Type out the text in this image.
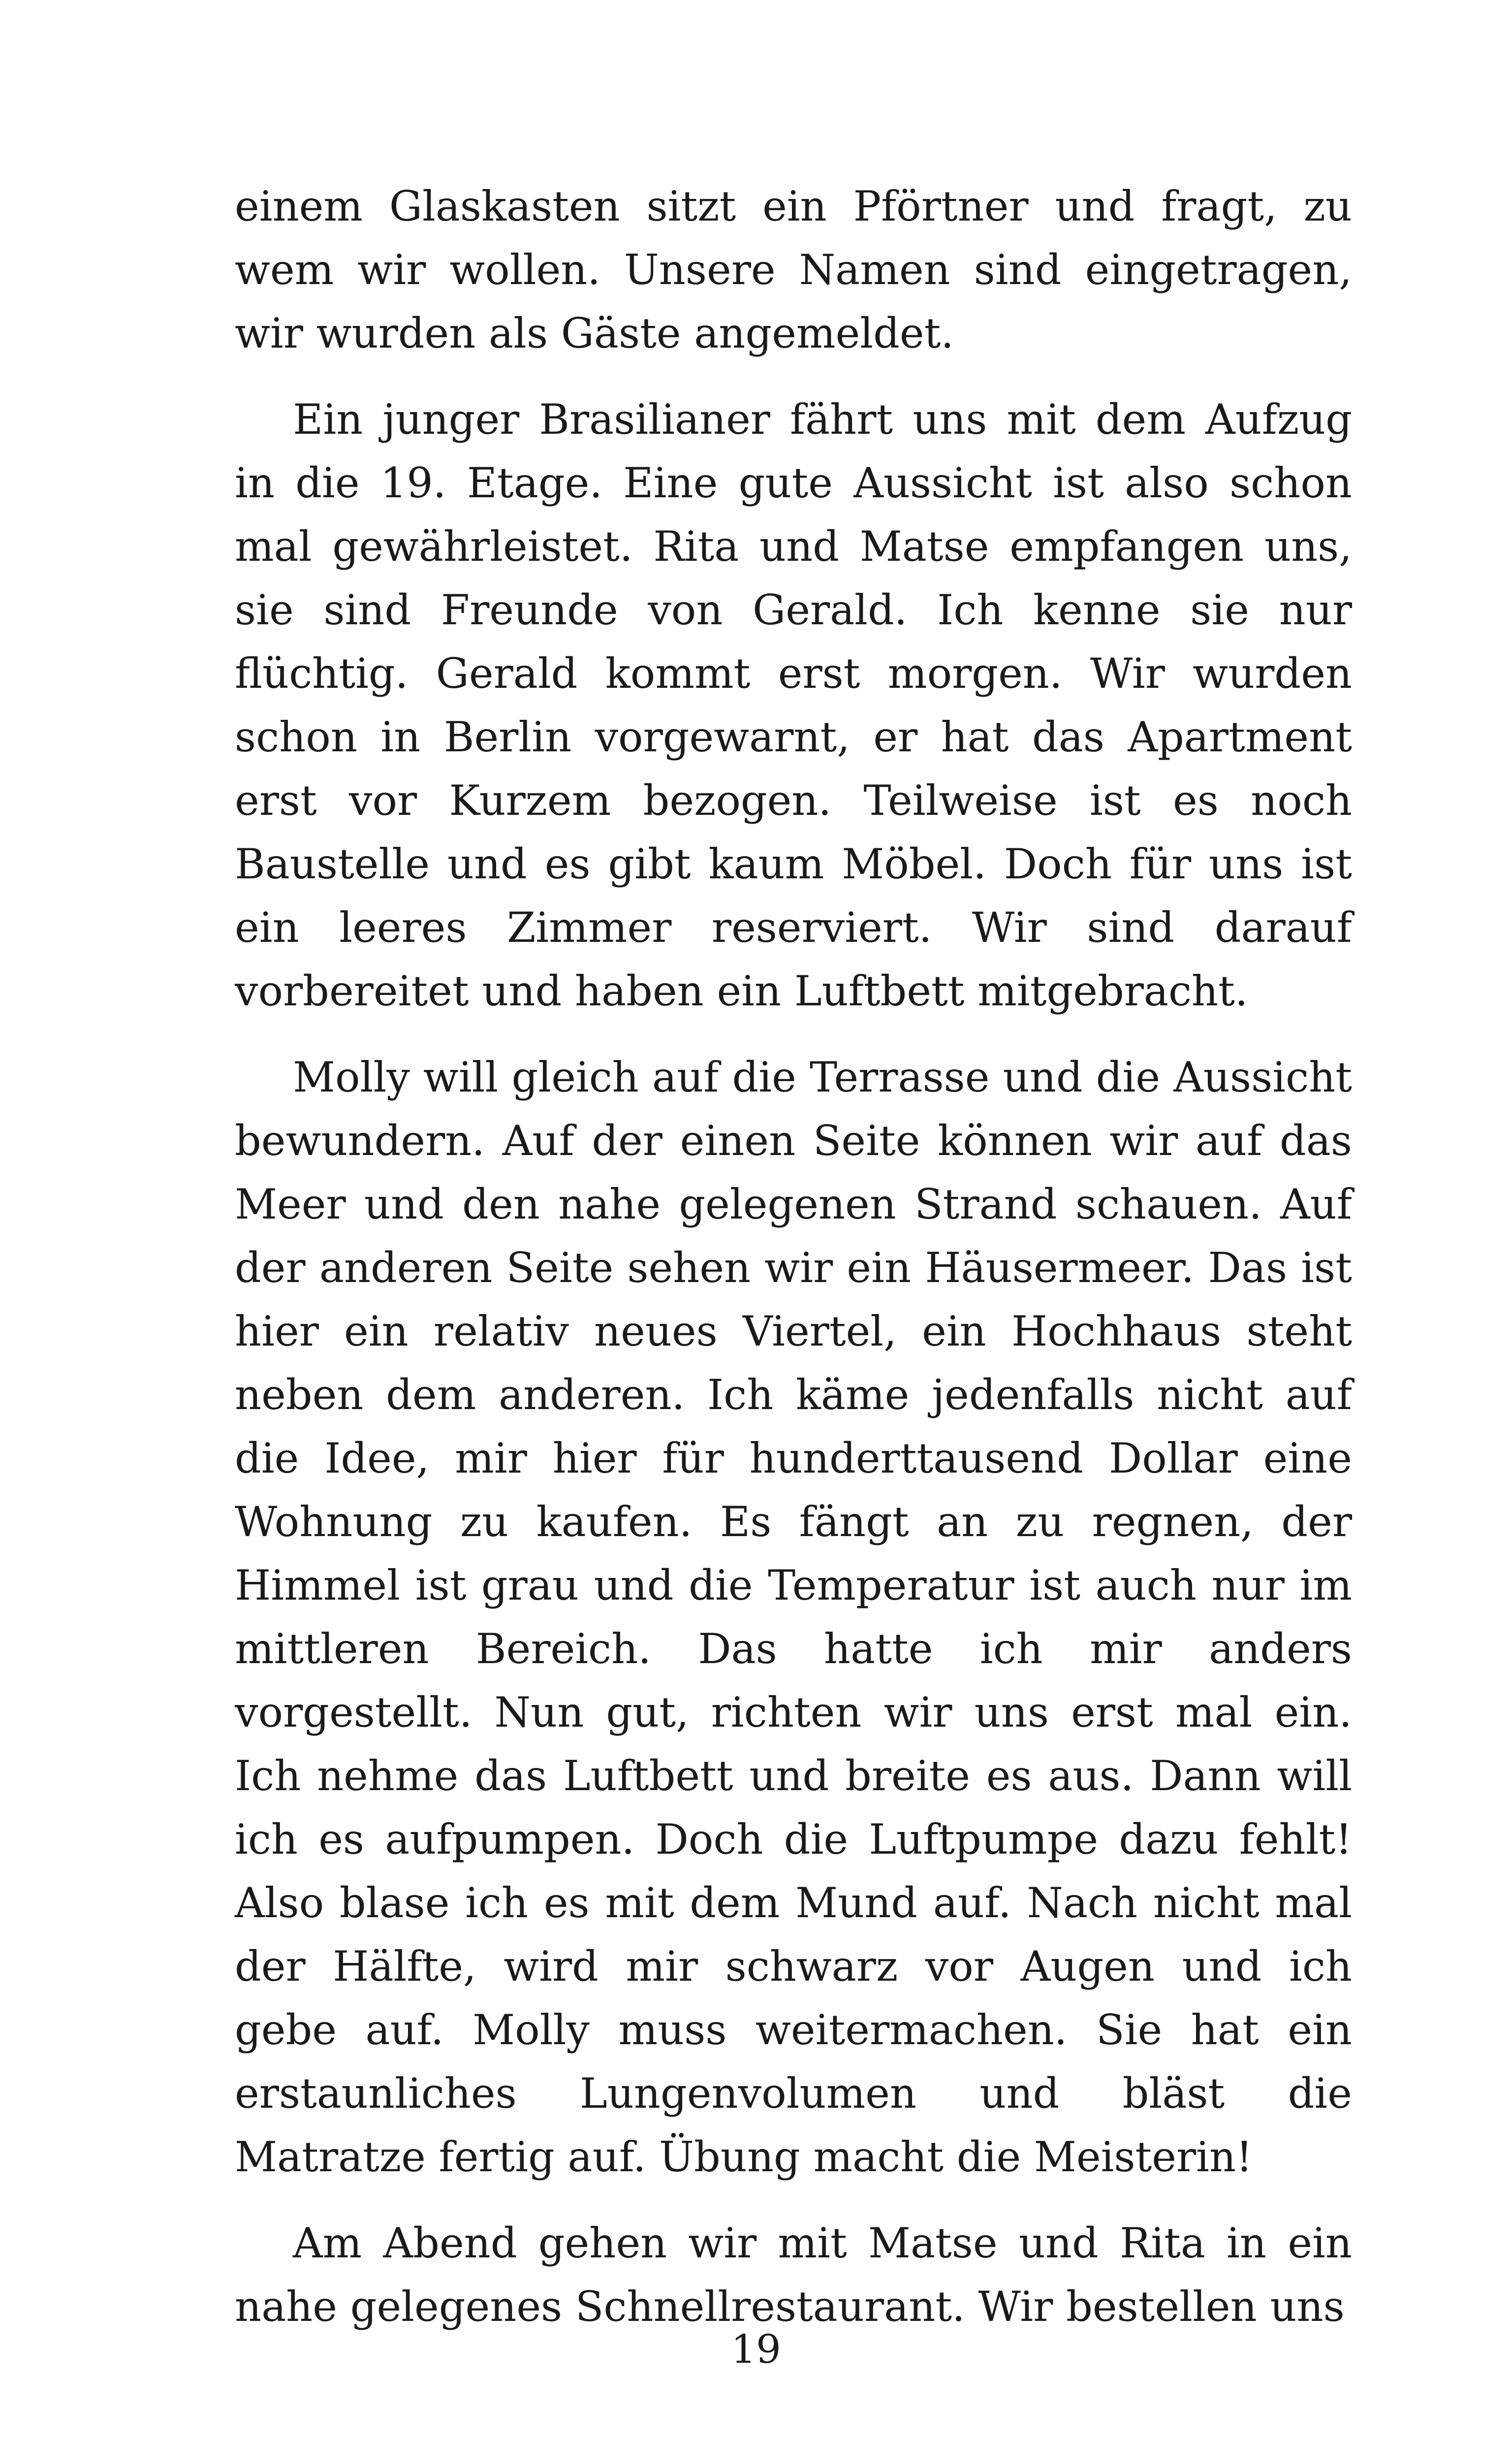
einem Glaskasten sitzt ein Pförtner und fragt, zu wem wir wollen. Unsere Namen sind eingetragen, wir wurden als Gäste angemeldet.

Ein junger Brasilianer fährt uns mit dem Aufzug in die 19. Etage. Eine gute Aussicht ist also schon mal gewährleistet. Rita und Matse empfangen uns, sie sind Freunde von Gerald. Ich kenne sie nur flüchtig. Gerald kommt erst morgen. Wir wurden schon in Berlin vorgewarnt, er hat das Apartment erst vor Kurzem bezogen. Teilweise ist es noch Baustelle und es gibt kaum Möbel. Doch für uns ist ein leeres Zimmer reserviert. Wir sind darauf vorbereitet und haben ein Luftbett mitgebracht.

Molly will gleich auf die Terrasse und die Aussicht bewundern. Auf der einen Seite können wir auf das Meer und den nahe gelegenen Strand schauen. Auf der anderen Seite sehen wir ein Häusermeer. Das ist hier ein relativ neues Viertel, ein Hochhaus steht neben dem anderen. Ich käme jedenfalls nicht auf die Idee, mir hier für hunderttausend Dollar eine Wohnung zu kaufen. Es fängt an zu regnen, der Himmel ist grau und die Temperatur ist auch nur im mittleren Bereich. Das hatte ich mir anders vorgestellt. Nun gut, richten wir uns erst mal ein. Ich nehme das Luftbett und breite es aus. Dann will ich es aufpumpen. Doch die Luftpumpe dazu fehlt! Also blase ich es mit dem Mund auf. Nach nicht mal der Hälfte, wird mir schwarz vor Augen und ich gebe auf. Molly muss weitermachen. Sie hat ein erstaunliches Lungenvolumen und bläst die Matratze fertig auf. Übung macht die Meisterin!

Am Abend gehen wir mit Matse und Rita in ein nahe gelegenes Schnellrestaurant. Wir bestellen uns

19
